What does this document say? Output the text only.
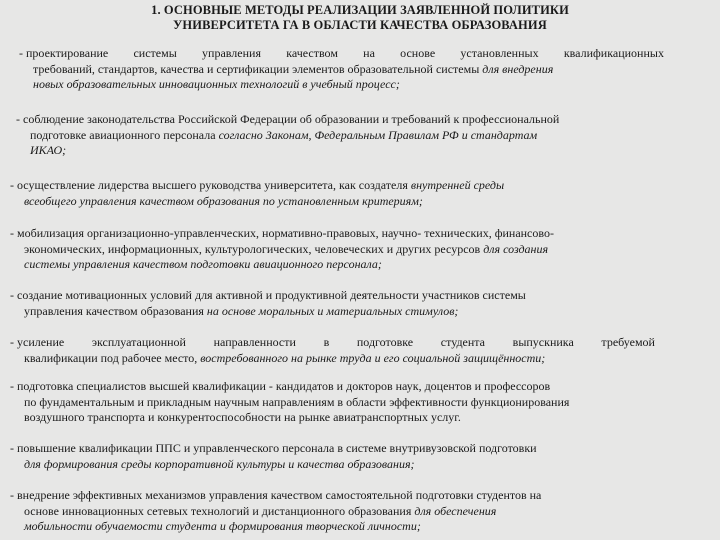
1. ОСНОВНЫЕ МЕТОДЫ РЕАЛИЗАЦИИ ЗАЯВЛЕННОЙ ПОЛИТИКИ
УНИВЕРСИТЕТА ГА В ОБЛАСТИ КАЧЕСТВА ОБРАЗОВАНИЯ
- проектирование системы управления качеством на основе установленных квалификационных
требований, стандартов, качества и сертификации элементов образовательной системы для внедрения
новых образовательных инновационных технологий в учебный процесс;
- соблюдение законодательства Российской Федерации об образовании и требований к профессиональной
подготовке авиационного персонала согласно Законам, Федеральным Правилам РФ и стандартам
ИКАО;
- осуществление лидерства высшего руководства университета, как создателя внутренней среды
всеобщего управления качеством образования по установленным критериям;
- мобилизация организационно-управленческих, нормативно-правовых, научно- технических, финансово-
экономических, информационных, культурологических, человеческих и других ресурсов для создания
системы управления качеством подготовки авиационного персонала;
- создание мотивационных условий для активной и продуктивной деятельности участников системы
управления качеством образования на основе моральных и материальных стимулов;
- усиление эксплуатационной направленности в подготовке студента выпускника требуемой
квалификации под рабочее место, востребованного на рынке труда и его социальной защищённости;
- подготовка специалистов высшей квалификации - кандидатов и докторов наук, доцентов и профессоров
по фундаментальным и прикладным научным направлениям в области эффективности функционирования
воздушного транспорта и конкурентоспособности на рынке авиатранспортных услуг.
- повышение квалификации ППС и управленческого персонала в системе внутривузовской подготовки
для формирования среды корпоративной культуры и качества образования;
- внедрение эффективных механизмов управления качеством самостоятельной подготовки студентов на
основе инновационных сетевых технологий и дистанционного образования для обеспечения
мобильности обучаемости студента и формирования творческой личности;
